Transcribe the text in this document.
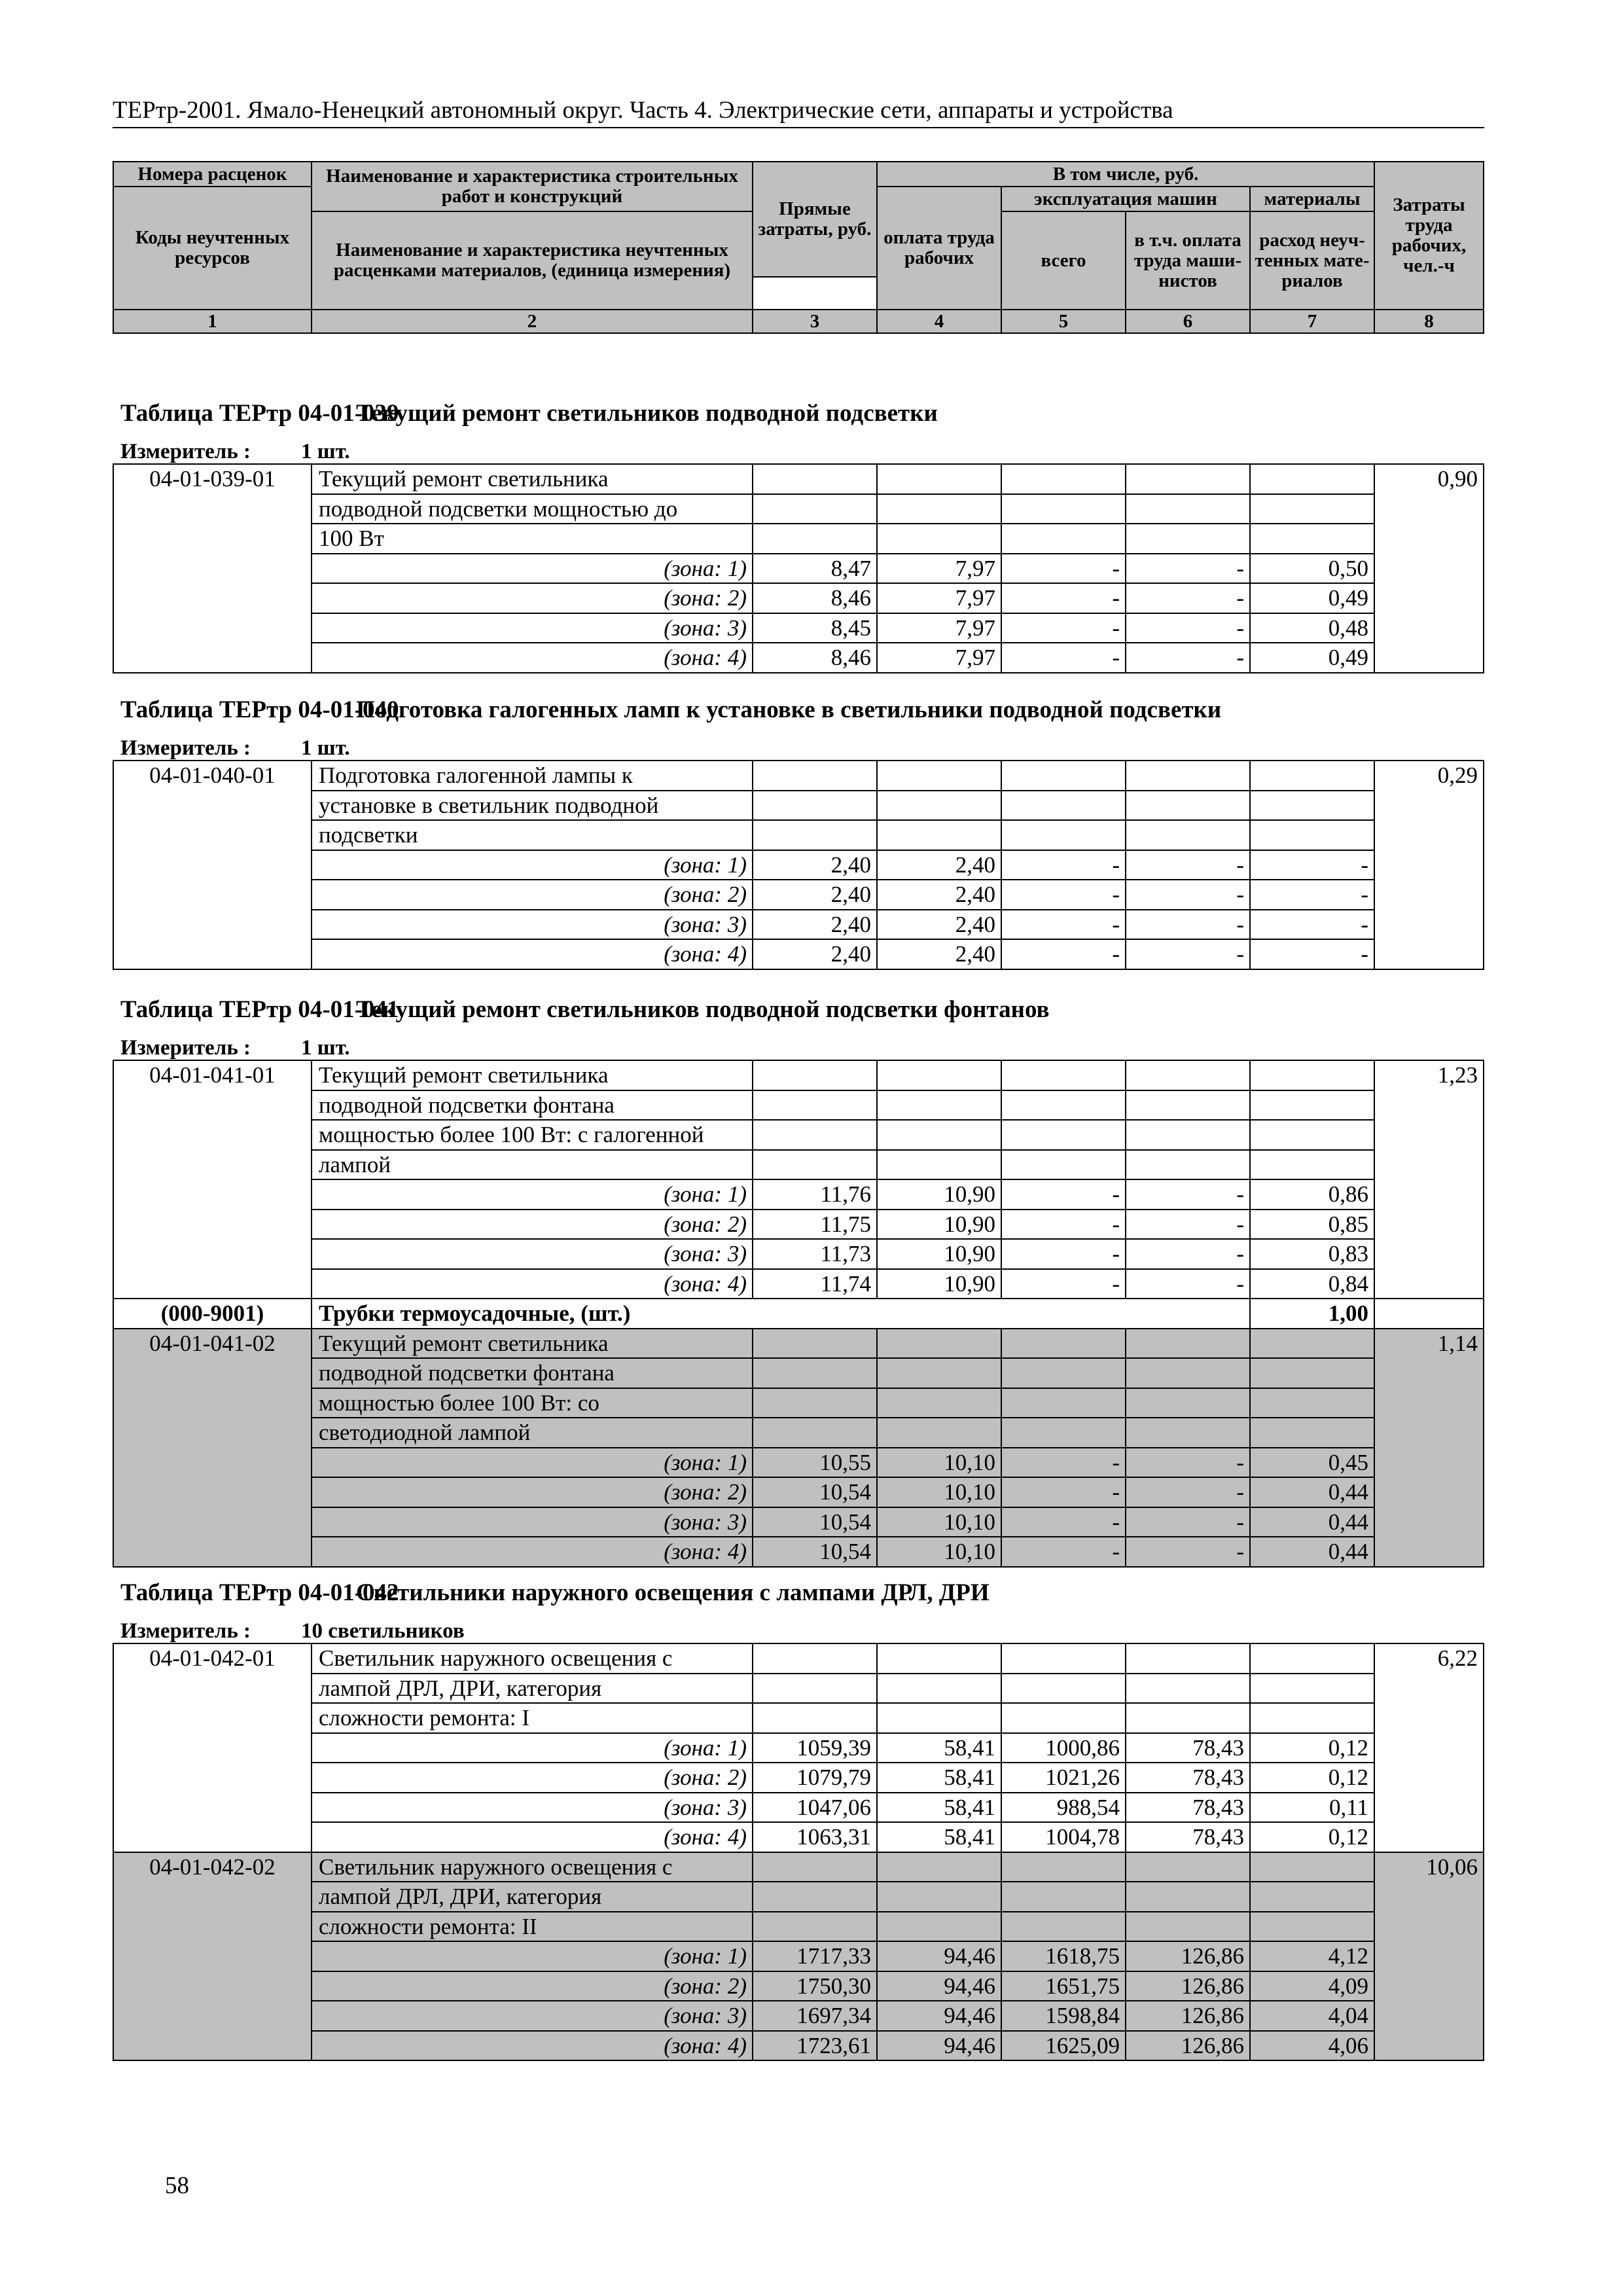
ТЕРтр-2001. Ямало-Ненецкий автономный округ. Часть 4. Электрические сети, аппараты и устройства
Номера расценок	Наименование и характеристика строительных работ и конструкций	Прямые затраты, руб.	В том числе, руб.				Затраты труда рабочих, чел.-ч
Коды неучтенных ресурсов			оплата труда рабочих	эксплуатация машин		материалы	
	Наименование и характеристика неучтенных расценками материалов, (единица измерения)			всего	в т.ч. оплата труда маши-нистов	расход неуч-тенных мате-риалов	

1	2	3	4	5	6	7	8
Таблица ТЕРтр 04-01-039Текущий ремонт светильников подводной подсветки
Измеритель : 1 шт.
04-01-039-01	Текущий ремонт светильника						0,90
	подводной подсветки мощностью до						
	100 Вт						
	(зона: 1)	8,47	7,97	-	-	0,50	
	(зона: 2)	8,46	7,97	-	-	0,49	
	(зона: 3)	8,45	7,97	-	-	0,48	
	(зона: 4)	8,46	7,97	-	-	0,49	
Таблица ТЕРтр 04-01-040Подготовка галогенных ламп к установке в светильники подводной подсветки
Измеритель : 1 шт.
04-01-040-01	Подготовка галогенной лампы к						0,29
	установке в светильник подводной						
	подсветки						
	(зона: 1)	2,40	2,40	-	-	-	
	(зона: 2)	2,40	2,40	-	-	-	
	(зона: 3)	2,40	2,40	-	-	-	
	(зона: 4)	2,40	2,40	-	-	-	
Таблица ТЕРтр 04-01-041Текущий ремонт светильников подводной подсветки фонтанов
Измеритель : 1 шт.
04-01-041-01	Текущий ремонт светильника						1,23
	подводной подсветки фонтана						
	мощностью более 100 Вт: с галогенной						
	лампой						
	(зона: 1)	11,76	10,90	-	-	0,86	
	(зона: 2)	11,75	10,90	-	-	0,85	
	(зона: 3)	11,73	10,90	-	-	0,83	
	(зона: 4)	11,74	10,90	-	-	0,84	
(000-9001)	Трубки термоусадочные, (шт.)					1,00	
04-01-041-02	Текущий ремонт светильника						1,14
	подводной подсветки фонтана						
	мощностью более 100 Вт: со						
	светодиодной лампой						
	(зона: 1)	10,55	10,10	-	-	0,45	
	(зона: 2)	10,54	10,10	-	-	0,44	
	(зона: 3)	10,54	10,10	-	-	0,44	
	(зона: 4)	10,54	10,10	-	-	0,44	
Таблица ТЕРтр 04-01-042Светильники наружного освещения с лампами ДРЛ, ДРИ
Измеритель : 10 светильников
04-01-042-01	Светильник наружного освещения с						6,22
	лампой ДРЛ, ДРИ, категория						
	сложности ремонта: I						
	(зона: 1)	1059,39	58,41	1000,86	78,43	0,12	
	(зона: 2)	1079,79	58,41	1021,26	78,43	0,12	
	(зона: 3)	1047,06	58,41	988,54	78,43	0,11	
	(зона: 4)	1063,31	58,41	1004,78	78,43	0,12	
04-01-042-02	Светильник наружного освещения с						10,06
	лампой ДРЛ, ДРИ, категория						
	сложности ремонта: II						
	(зона: 1)	1717,33	94,46	1618,75	126,86	4,12	
	(зона: 2)	1750,30	94,46	1651,75	126,86	4,09	
	(зона: 3)	1697,34	94,46	1598,84	126,86	4,04	
	(зона: 4)	1723,61	94,46	1625,09	126,86	4,06	
58
